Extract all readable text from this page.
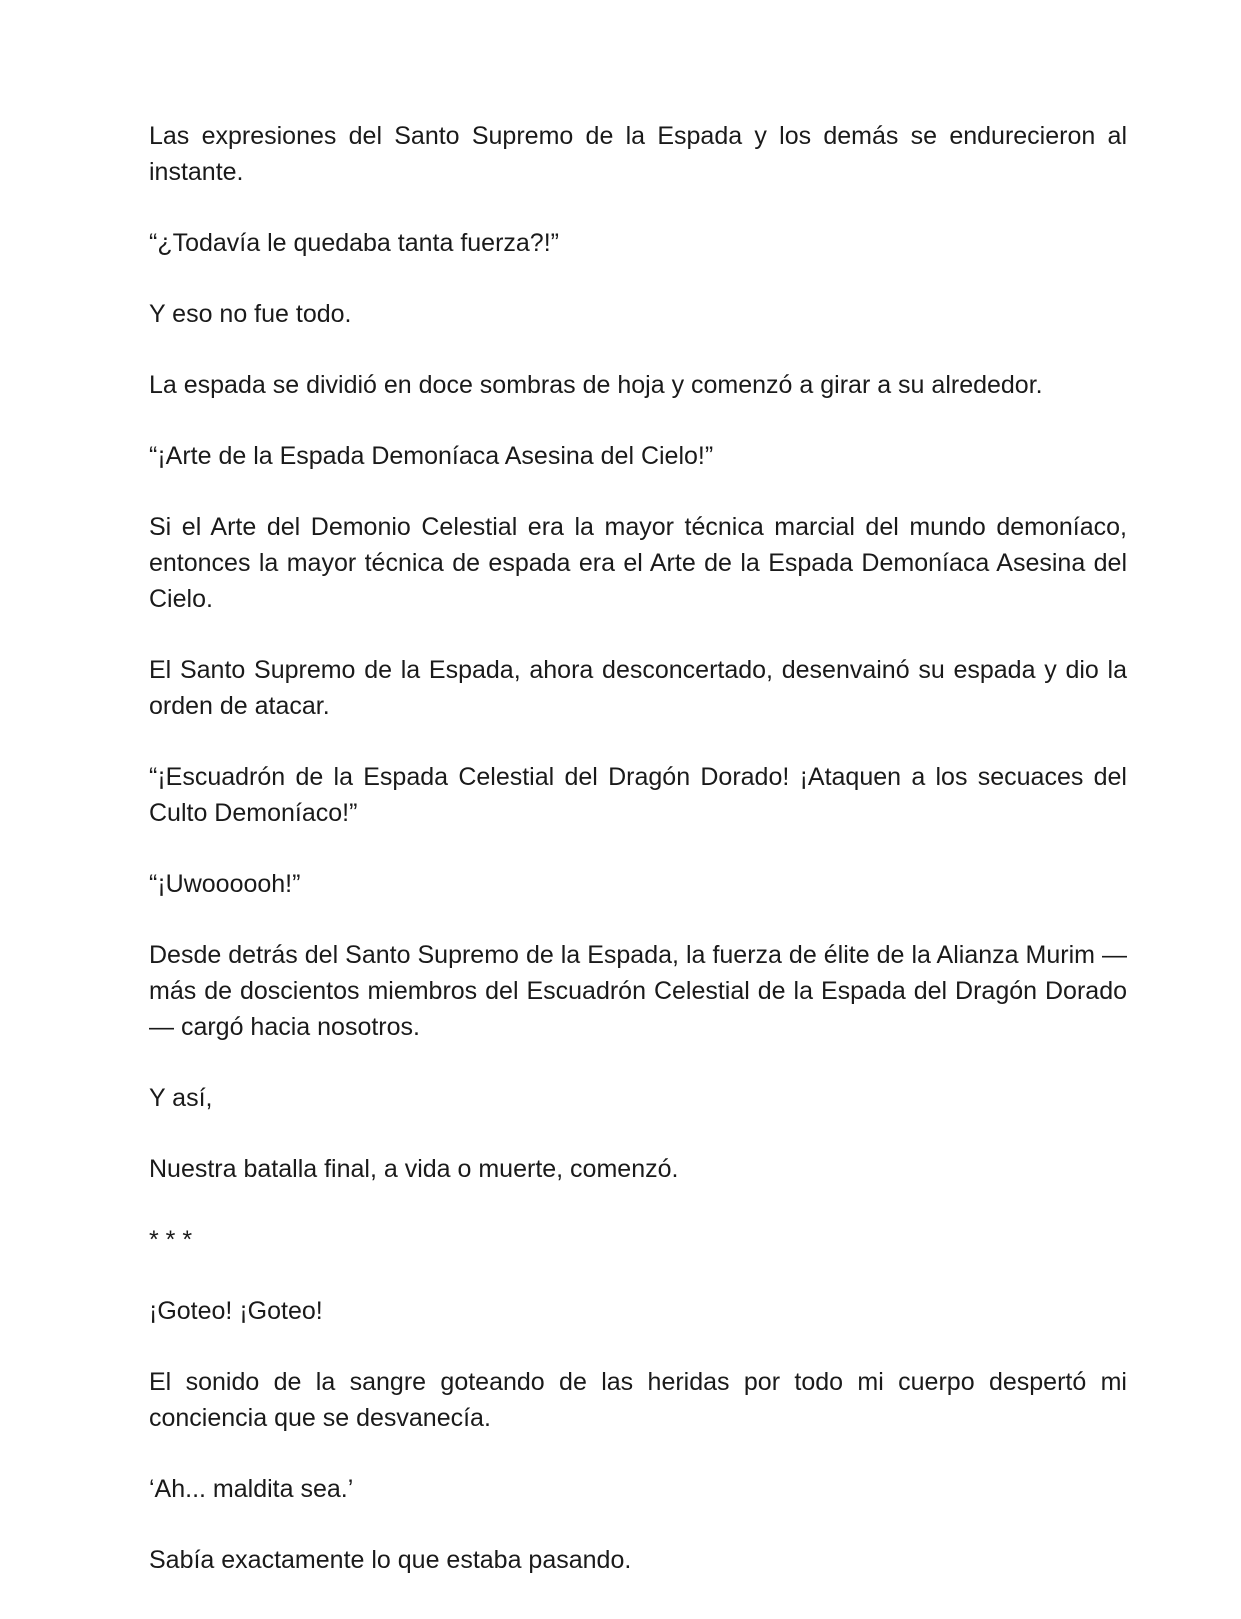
Las expresiones del Santo Supremo de la Espada y los demás se endurecieron al instante.

“¿Todavía le quedaba tanta fuerza?!”

Y eso no fue todo.

La espada se dividió en doce sombras de hoja y comenzó a girar a su alrededor.

“¡Arte de la Espada Demoníaca Asesina del Cielo!”

Si el Arte del Demonio Celestial era la mayor técnica marcial del mundo demoníaco, entonces la mayor técnica de espada era el Arte de la Espada Demoníaca Asesina del Cielo.

El Santo Supremo de la Espada, ahora desconcertado, desenvainó su espada y dio la orden de atacar.

“¡Escuadrón de la Espada Celestial del Dragón Dorado! ¡Ataquen a los secuaces del Culto Demoníaco!”

“¡Uwoooooh!”

Desde detrás del Santo Supremo de la Espada, la fuerza de élite de la Alianza Murim —más de doscientos miembros del Escuadrón Celestial de la Espada del Dragón Dorado— cargó hacia nosotros.

Y así,

Nuestra batalla final, a vida o muerte, comenzó.

* * *

¡Goteo! ¡Goteo!

El sonido de la sangre goteando de las heridas por todo mi cuerpo despertó mi conciencia que se desvanecía.

‘Ah... maldita sea.’

Sabía exactamente lo que estaba pasando.
